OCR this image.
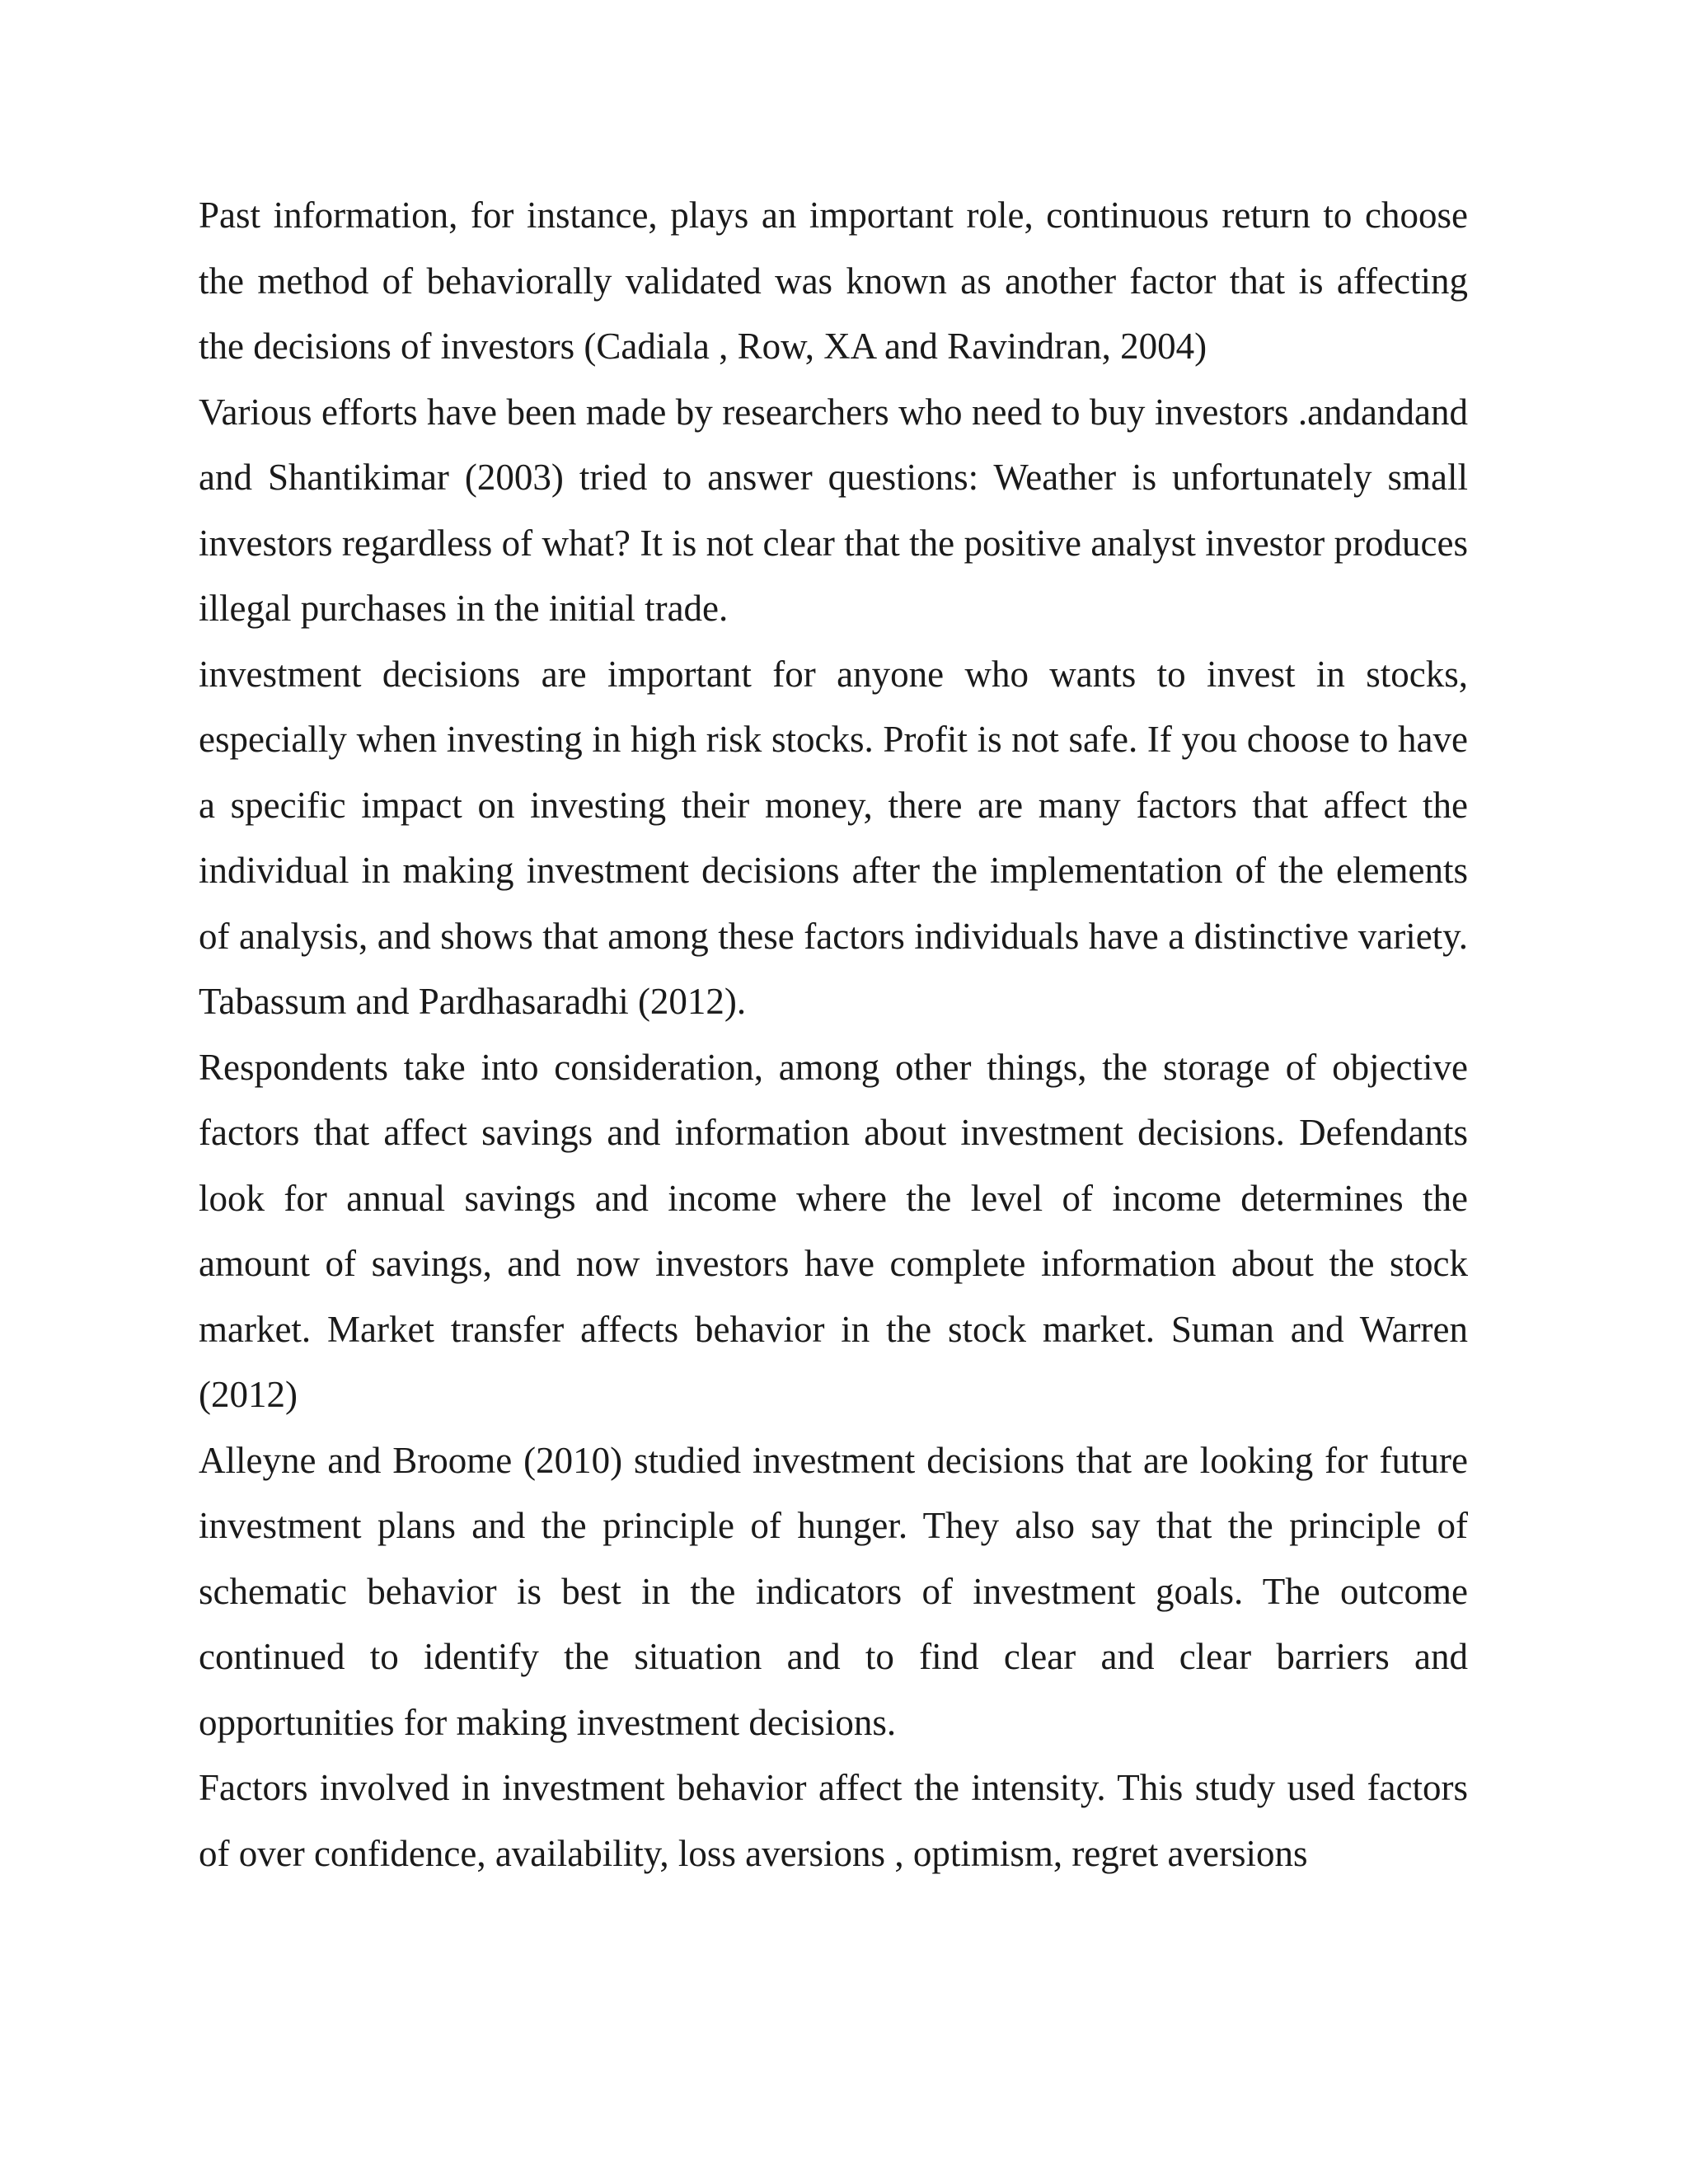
Past information, for instance, plays an important role, continuous return to choose the method of behaviorally validated was known as another factor that is affecting the decisions of investors (Cadiala , Row, XA and Ravindran, 2004)

Various efforts have been made by researchers who need to buy investors .andandand and Shantikimar (2003) tried to answer questions: Weather is unfortunately small investors regardless of what? It is not clear that the positive analyst investor produces illegal purchases in the initial trade.

investment decisions are important for anyone who wants to invest in stocks, especially when investing in high risk stocks. Profit is not safe. If you choose to have a specific impact on investing their money, there are many factors that affect the individual in making investment decisions after the implementation of the elements of analysis, and shows that among these factors individuals have a distinctive variety. Tabassum and Pardhasaradhi (2012).

Respondents take into consideration, among other things, the storage of objective factors that affect savings and information about investment decisions. Defendants look for annual savings and income where the level of income determines the amount of savings, and now investors have complete information about the stock market. Market transfer affects behavior in the stock market. Suman and Warren (2012)

Alleyne and Broome (2010) studied investment decisions that are looking for future investment plans and the principle of hunger. They also say that the principle of schematic behavior is best in the indicators of investment goals. The outcome continued to identify the situation and to find clear and clear barriers and opportunities for making investment decisions.

Factors involved in investment behavior affect the intensity. This study used factors of over confidence, availability, loss aversions , optimism, regret aversions
